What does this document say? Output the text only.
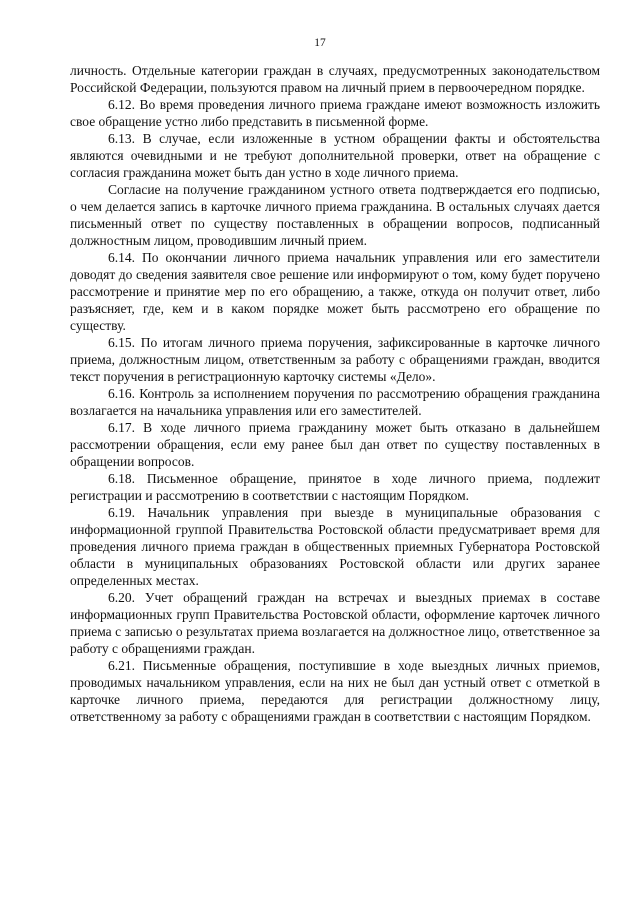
17

личность. Отдельные категории граждан в случаях, предусмотренных законодательством Российской Федерации, пользуются правом на личный прием в первоочередном порядке.

6.12. Во время проведения личного приема граждане имеют возможность изложить свое обращение устно либо представить в письменной форме.

6.13. В случае, если изложенные в устном обращении факты и обстоятельства являются очевидными и не требуют дополнительной проверки, ответ на обращение с согласия гражданина может быть дан устно в ходе личного приема.

Согласие на получение гражданином устного ответа подтверждается его подписью, о чем делается запись в карточке личного приема гражданина. В остальных случаях дается письменный ответ по существу поставленных в обращении вопросов, подписанный должностным лицом, проводившим личный прием.

6.14. По окончании личного приема начальник управления или его заместители доводят до сведения заявителя свое решение или информируют о том, кому будет поручено рассмотрение и принятие мер по его обращению, а также, откуда он получит ответ, либо разъясняет, где, кем и в каком порядке может быть рассмотрено его обращение по существу.

6.15. По итогам личного приема поручения, зафиксированные в карточке личного приема, должностным лицом, ответственным за работу с обращениями граждан, вводится текст поручения в регистрационную карточку системы «Дело».

6.16. Контроль за исполнением поручения по рассмотрению обращения гражданина возлагается на начальника управления или его заместителей.

6.17. В ходе личного приема гражданину может быть отказано в дальнейшем рассмотрении обращения, если ему ранее был дан ответ по существу поставленных в обращении вопросов.

6.18. Письменное обращение, принятое в ходе личного приема, подлежит регистрации и рассмотрению в соответствии с настоящим Порядком.

6.19. Начальник управления при выезде в муниципальные образования с информационной группой Правительства Ростовской области предусматривает время для проведения личного приема граждан в общественных приемных Губернатора Ростовской области в муниципальных образованиях Ростовской области или других заранее определенных местах.

6.20. Учет обращений граждан на встречах и выездных приемах в составе информационных групп Правительства Ростовской области, оформление карточек личного приема с записью о результатах приема возлагается на должностное лицо, ответственное за работу с обращениями граждан.

6.21. Письменные обращения, поступившие в ходе выездных личных приемов, проводимых начальником управления, если на них не был дан устный ответ с отметкой в карточке личного приема, передаются для регистрации должностному лицу, ответственному за работу с обращениями граждан в соответствии с настоящим Порядком.
